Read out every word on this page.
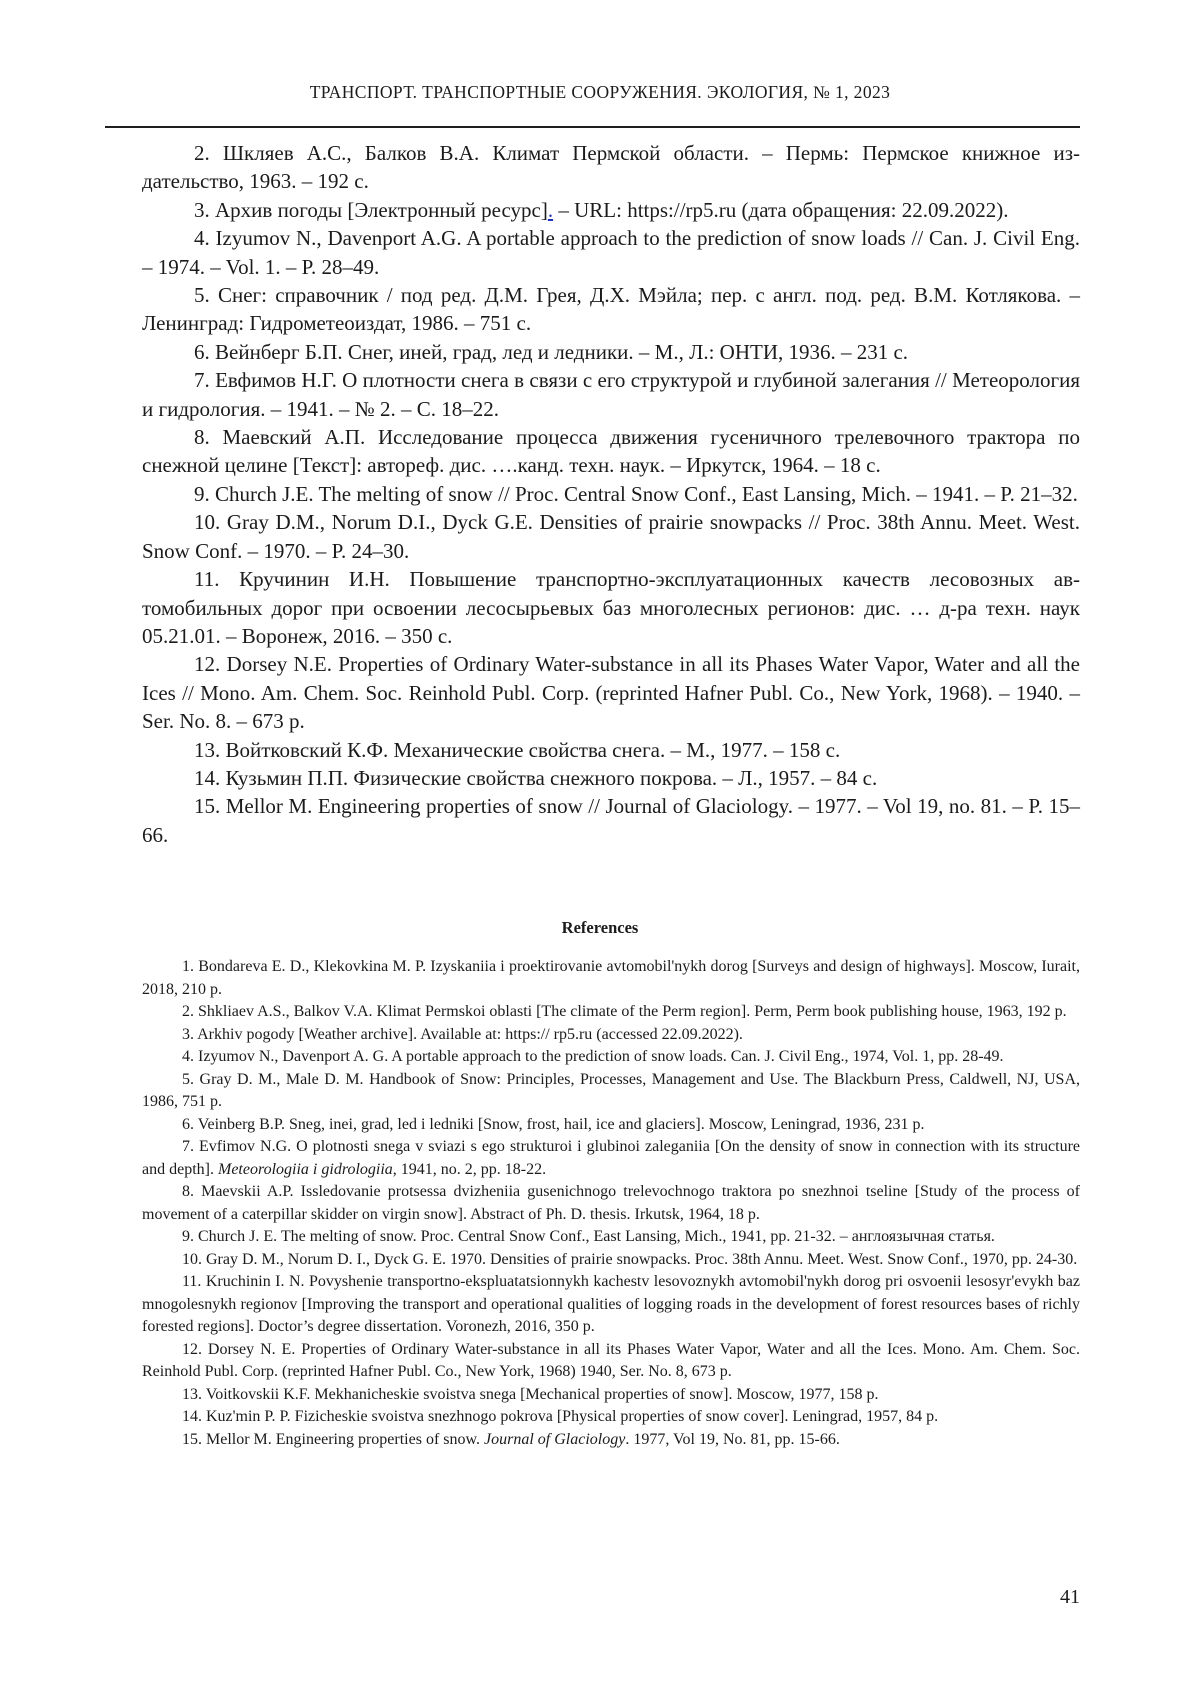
ТРАНСПОРТ. ТРАНСПОРТНЫЕ СООРУЖЕНИЯ. ЭКОЛОГИЯ, № 1, 2023

2. Шкляев А.С., Балков В.А. Климат Пермской области. – Пермь: Пермское книжное издательство, 1963. – 192 с.

3. Архив погоды [Электронный ресурс]. – URL: https://rp5.ru (дата обращения: 22.09.2022).

4. Izyumov N., Davenport A.G. A portable approach to the prediction of snow loads // Can. J. Civil Eng. – 1974. – Vol. 1. – P. 28–49.

5. Снег: справочник / под ред. Д.М. Грея, Д.Х. Мэйла; пер. с англ. под. ред. В.М. Котлякова. – Ленинград: Гидрометеоиздат, 1986. – 751 с.

6. Вейнберг Б.П. Снег, иней, град, лед и ледники. – М., Л.: ОНТИ, 1936. – 231 с.

7. Евфимов Н.Г. О плотности снега в связи с его структурой и глубиной залегания // Метеорология и гидрология. – 1941. – № 2. – С. 18–22.

8. Маевский А.П. Исследование процесса движения гусеничного трелевочного трактора по снежной целине [Текст]: автореф. дис. ….канд. техн. наук. – Иркутск, 1964. – 18 с.

9. Church J.E. The melting of snow // Proc. Central Snow Conf., East Lansing, Mich. – 1941. – P. 21–32.

10. Gray D.M., Norum D.I., Dyck G.E. Densities of prairie snowpacks // Proc. 38th Annu. Meet. West. Snow Conf. – 1970. – P. 24–30.

11. Кручинин И.Н. Повышение транспортно-эксплуатационных качеств лесовозных автомобильных дорог при освоении лесосырьевых баз многолесных регионов: дис. … д-ра техн. наук 05.21.01. – Воронеж, 2016. – 350 с.

12. Dorsey N.E. Properties of Ordinary Water-substance in all its Phases Water Vapor, Water and all the Ices // Mono. Am. Chem. Soc. Reinhold Publ. Corp. (reprinted Hafner Publ. Co., New York, 1968). – 1940. – Ser. No. 8. – 673 p.

13. Войтковский К.Ф. Механические свойства снега. – М., 1977. – 158 с.

14. Кузьмин П.П. Физические свойства снежного покрова. – Л., 1957. – 84 с.

15. Mellor M. Engineering properties of snow // Journal of Glaciology. – 1977. – Vol 19, no. 81. – P. 15–66.

References

1. Bondareva E. D., Klekovkina M. P. Izyskaniia i proektirovanie avtomobil'nykh dorog [Surveys and design of highways]. Moscow, Iurait, 2018, 210 p.

2. Shkliaev A.S., Balkov V.A. Klimat Permskoi oblasti [The climate of the Perm region]. Perm, Perm book publishing house, 1963, 192 p.

3. Arkhiv pogody [Weather archive]. Available at: https:// rp5.ru (accessed 22.09.2022).

4. Izyumov N., Davenport A. G. A portable approach to the prediction of snow loads. Can. J. Civil Eng., 1974, Vol. 1, pp. 28-49.

5. Gray D. M., Male D. M. Handbook of Snow: Principles, Processes, Management and Use. The Blackburn Press, Caldwell, NJ, USA, 1986, 751 p.

6. Veinberg B.P. Sneg, inei, grad, led i ledniki [Snow, frost, hail, ice and glaciers]. Moscow, Leningrad, 1936, 231 p.

7. Evfimov N.G. O plotnosti snega v sviazi s ego strukturoi i glubinoi zaleganiia [On the density of snow in connection with its structure and depth]. Meteorologiia i gidrologiia, 1941, no. 2, pp. 18-22.

8. Maevskii A.P. Issledovanie protsessa dvizheniia gusenichnogo trelevochnogo traktora po snezhnoi tseline [Study of the process of movement of a caterpillar skidder on virgin snow]. Abstract of Ph. D. thesis. Irkutsk, 1964, 18 p.

9. Church J. E. The melting of snow. Proc. Central Snow Conf., East Lansing, Mich., 1941, pp. 21-32. – англоязычная статья.

10. Gray D. M., Norum D. I., Dyck G. E. 1970. Densities of prairie snowpacks. Proc. 38th Annu. Meet. West. Snow Conf., 1970, pp. 24-30.

11. Kruchinin I. N. Povyshenie transportno-ekspluatatsionnykh kachestv lesovoznykh avtomobil'nykh dorog pri osvoenii lesosyr'evykh baz mnogolesnykh regionov [Improving the transport and operational qualities of logging roads in the development of forest resources bases of richly forested regions]. Doctor’s degree dissertation. Voronezh, 2016, 350 p.

12. Dorsey N. E. Properties of Ordinary Water-substance in all its Phases Water Vapor, Water and all the Ices. Mono. Am. Chem. Soc. Reinhold Publ. Corp. (reprinted Hafner Publ. Co., New York, 1968) 1940, Ser. No. 8, 673 p.

13. Voitkovskii K.F. Mekhanicheskie svoistva snega [Mechanical properties of snow]. Moscow, 1977, 158 p.

14. Kuz'min P. P. Fizicheskie svoistva snezhnogo pokrova [Physical properties of snow cover]. Leningrad, 1957, 84 p.

15. Mellor M. Engineering properties of snow. Journal of Glaciology. 1977, Vol 19, No. 81, pp. 15-66.

41
